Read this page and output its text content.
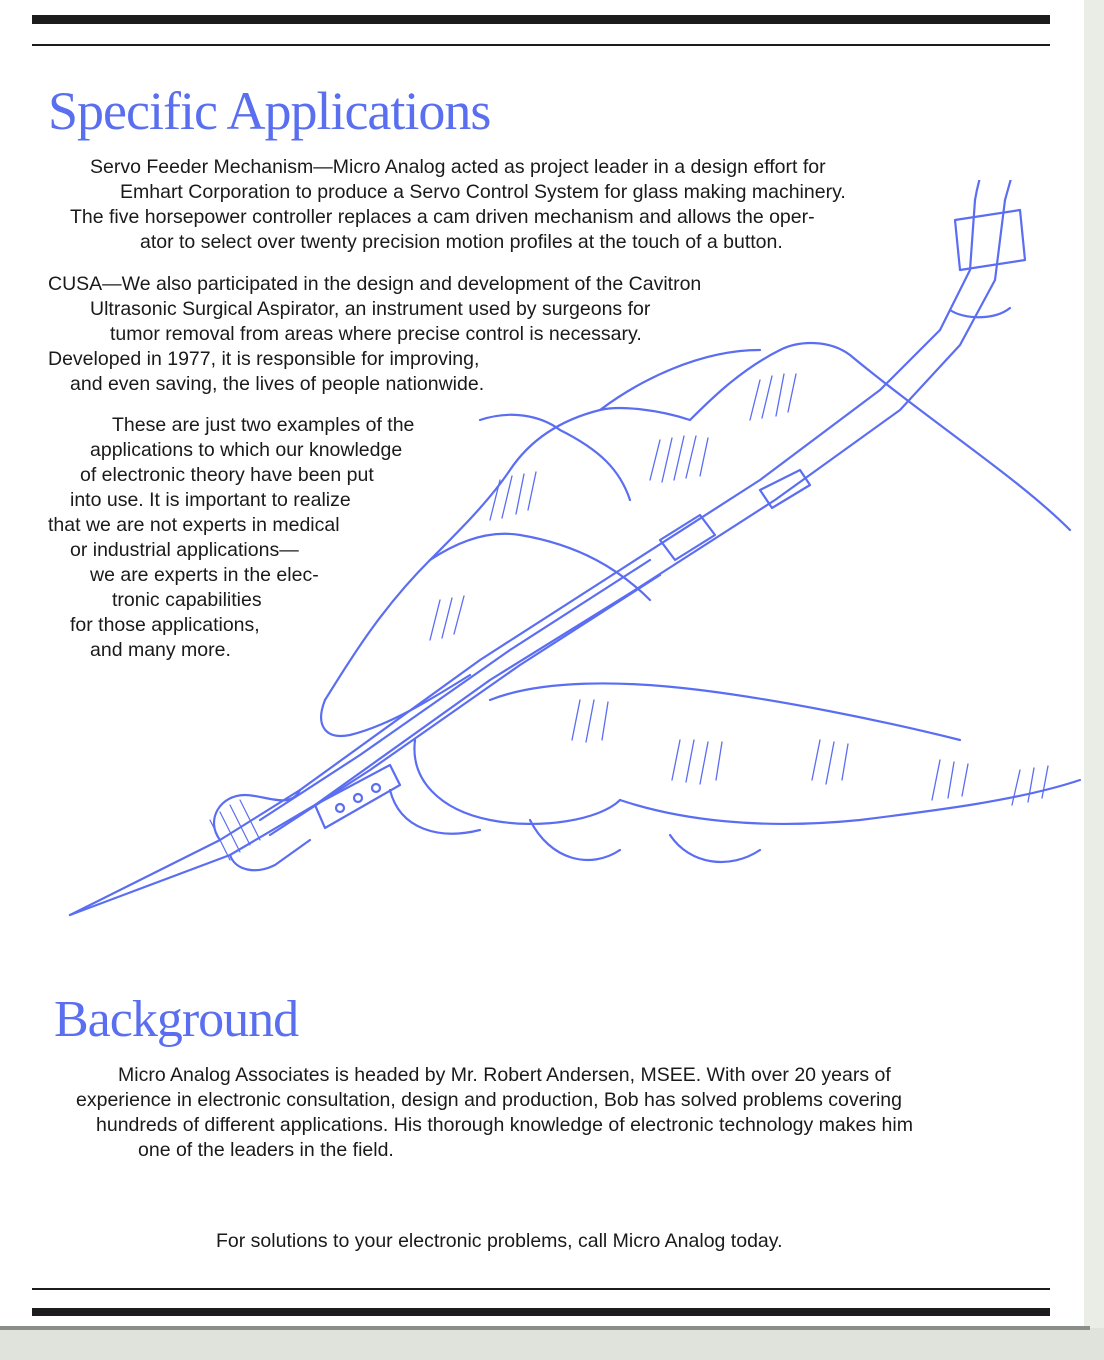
Specific Applications
Servo Feeder Mechanism—Micro Analog acted as project leader in a design effort for
Emhart Corporation to produce a Servo Control System for glass making machinery.
The five horsepower controller replaces a cam driven mechanism and allows the oper-
ator to select over twenty precision motion profiles at the touch of a button.
CUSA—We also participated in the design and development of the Cavitron
Ultrasonic Surgical Aspirator, an instrument used by surgeons for
tumor removal from areas where precise control is necessary.
Developed in 1977, it is responsible for improving,
and even saving, the lives of people nationwide.
These are just two examples of the
applications to which our knowledge
of electronic theory have been put
into use. It is important to realize
that we are not experts in medical
or industrial applications—
we are experts in the elec-
tronic capabilities
for those applications,
and many more.
Background
Micro Analog Associates is headed by Mr. Robert Andersen, MSEE. With over 20 years of
experience in electronic consultation, design and production, Bob has solved problems covering
hundreds of different applications. His thorough knowledge of electronic technology makes him
one of the leaders in the field.
For solutions to your electronic problems, call Micro Analog today.
